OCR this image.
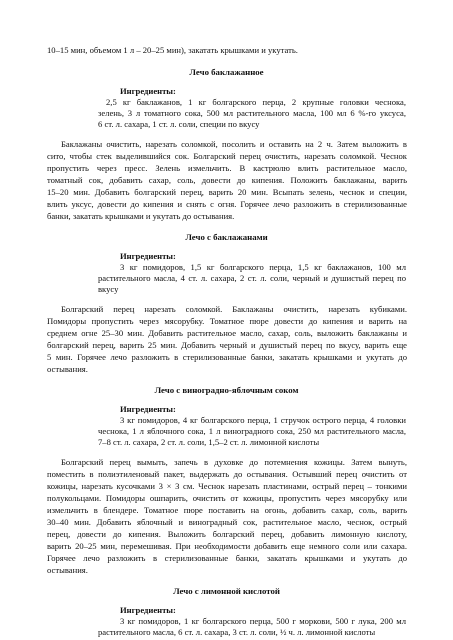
10–15 мин, объемом 1 л – 20–25 мин), закатать крышками и укутать.
Лечо баклажанное
Ингредиенты:
2,5 кг баклажанов, 1 кг болгарского перца, 2 крупные головки чеснока,
зелень, 3 л томатного сока, 500 мл растительного масла, 100 мл 6 %-го уксуса,
6 ст. л. сахара, 1 ст. л. соли, специи по вкусу
Баклажаны очистить, нарезать соломкой, посолить и оставить на 2 ч. Затем выложить в
сито, чтобы стек выделившийся сок. Болгарский перец очистить, нарезать соломкой. Чеснок
пропустить через пресс. Зелень измельчить. В кастрюлю влить растительное масло,
томатный сок, добавить сахар, соль, довести до кипения. Положить баклажаны, варить
15–20 мин. Добавить болгарский перец, варить 20 мин. Всыпать зелень, чеснок и специи,
влить уксус, довести до кипения и снять с огня. Горячее лечо разложить в стерилизованные
банки, закатать крышками и укутать до остывания.
Лечо с баклажанами
Ингредиенты:
3 кг помидоров, 1,5 кг болгарского перца, 1,5 кг баклажанов, 100 мл
растительного масла, 4 ст. л. сахара, 2 ст. л. соли, черный и душистый перец по
вкусу
Болгарский перец нарезать соломкой. Баклажаны очистить, нарезать кубиками.
Помидоры пропустить через мясорубку. Томатное пюре довести до кипения и варить на
среднем огне 25–30 мин. Добавить растительное масло, сахар, соль, выложить баклажаны и
болгарский перец, варить 25 мин. Добавить черный и душистый перец по вкусу, варить еще
5 мин. Горячее лечо разложить в стерилизованные банки, закатать крышками и укутать до
остывания.
Лечо с виноградно-яблочным соком
Ингредиенты:
3 кг помидоров, 4 кг болгарского перца, 1 стручок острого перца, 4 головки
чеснока, 1 л яблочного сока, 1 л виноградного сока, 250 мл растительного масла,
7–8 ст. л. сахара, 2 ст. л. соли, 1,5–2 ст. л. лимонной кислоты
Болгарский перец вымыть, запечь в духовке до потемнения кожицы. Затем вынуть,
поместить в полиэтиленовый пакет, выдержать до остывания. Остывший перец очистить от
кожицы, нарезать кусочками 3 × 3 см. Чеснок нарезать пластинами, острый перец – тонкими
полукольцами. Помидоры ошпарить, очистить от кожицы, пропустить через мясорубку или
измельчить в блендере. Томатное пюре поставить на огонь, добавить сахар, соль, варить
30–40 мин. Добавить яблочный и виноградный сок, растительное масло, чеснок, острый
перец, довести до кипения. Выложить болгарский перец, добавить лимонную кислоту,
варить 20–25 мин, перемешивая. При необходимости добавить еще немного соли или сахара.
Горячее лечо разложить в стерилизованные банки, закатать крышками и укутать до
остывания.
Лечо с лимонной кислотой
Ингредиенты:
3 кг помидоров, 1 кг болгарского перца, 500 г моркови, 500 г лука, 200 мл
растительного масла, 6 ст. л. сахара, 3 ст. л. соли, ½ ч. л. лимонной кислоты
